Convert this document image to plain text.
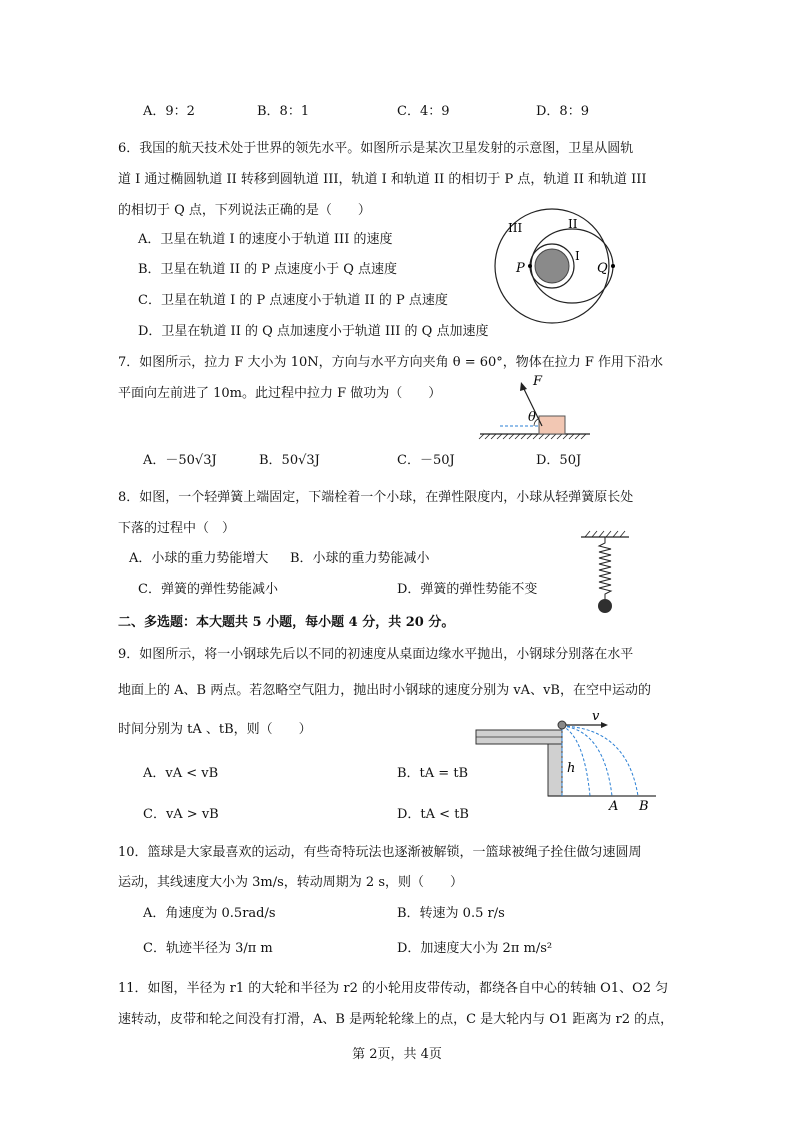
A．9：2	B．8：1	C．4：9	D．8：9
6．我国的航天技术处于世界的领先水平。如图所示是某次卫星发射的示意图，卫星从圆轨
道 I 通过椭圆轨道 II 转移到圆轨道 III，轨道 I 和轨道 II 的相切于 P 点，轨道 II 和轨道 III
的相切于 Q 点，下列说法正确的是（　　）
A．卫星在轨道 I 的速度小于轨道 III 的速度
B．卫星在轨道 II 的 P 点速度小于 Q 点速度
C．卫星在轨道 I 的 P 点速度小于轨道 II 的 P 点速度
D．卫星在轨道 II 的 Q 点加速度小于轨道 III 的 Q 点加速度
III	II
I
P	Q
7．如图所示，拉力 F 大小为 10N，方向与水平方向夹角 θ = 60°，物体在拉力 F 作用下沿水
平面向左前进了 10m。此过程中拉力 F 做功为（　　）
F
θ
A．－50√3J	B．50√3J	C．－50J	D．50J
8．如图，一个轻弹簧上端固定，下端栓着一个小球，在弹性限度内，小球从轻弹簧原长处
下落的过程中（　）
A．小球的重力势能增大 B．小球的重力势能减小
C．弹簧的弹性势能减小	D．弹簧的弹性势能不变
二、多选题：本大题共 5 小题，每小题 4 分，共 20 分。
9．如图所示，将一小钢球先后以不同的初速度从桌面边缘水平抛出，小钢球分别落在水平
地面上的 A、B 两点。若忽略空气阻力，抛出时小钢球的速度分别为 vA、vB，在空中运动的
时间分别为 tA 、tB，则（　　）
v
h
A B
A．vA < vB	B．tA = tB
C．vA > vB	D．tA < tB
10．篮球是大家最喜欢的运动，有些奇特玩法也逐渐被解锁，一篮球被绳子拴住做匀速圆周
运动，其线速度大小为 3m/s，转动周期为 2 s，则（　　）
A．角速度为 0.5rad/s	B．转速为 0.5 r/s
C．轨迹半径为 3/π m	D．加速度大小为 2π m/s²
11．如图，半径为 r1 的大轮和半径为 r2 的小轮用皮带传动，都绕各自中心的转轴 O1、O2 匀
速转动，皮带和轮之间没有打滑，A、B 是两轮轮缘上的点，C 是大轮内与 O1 距离为 r2 的点，
第 2页，共 4页
